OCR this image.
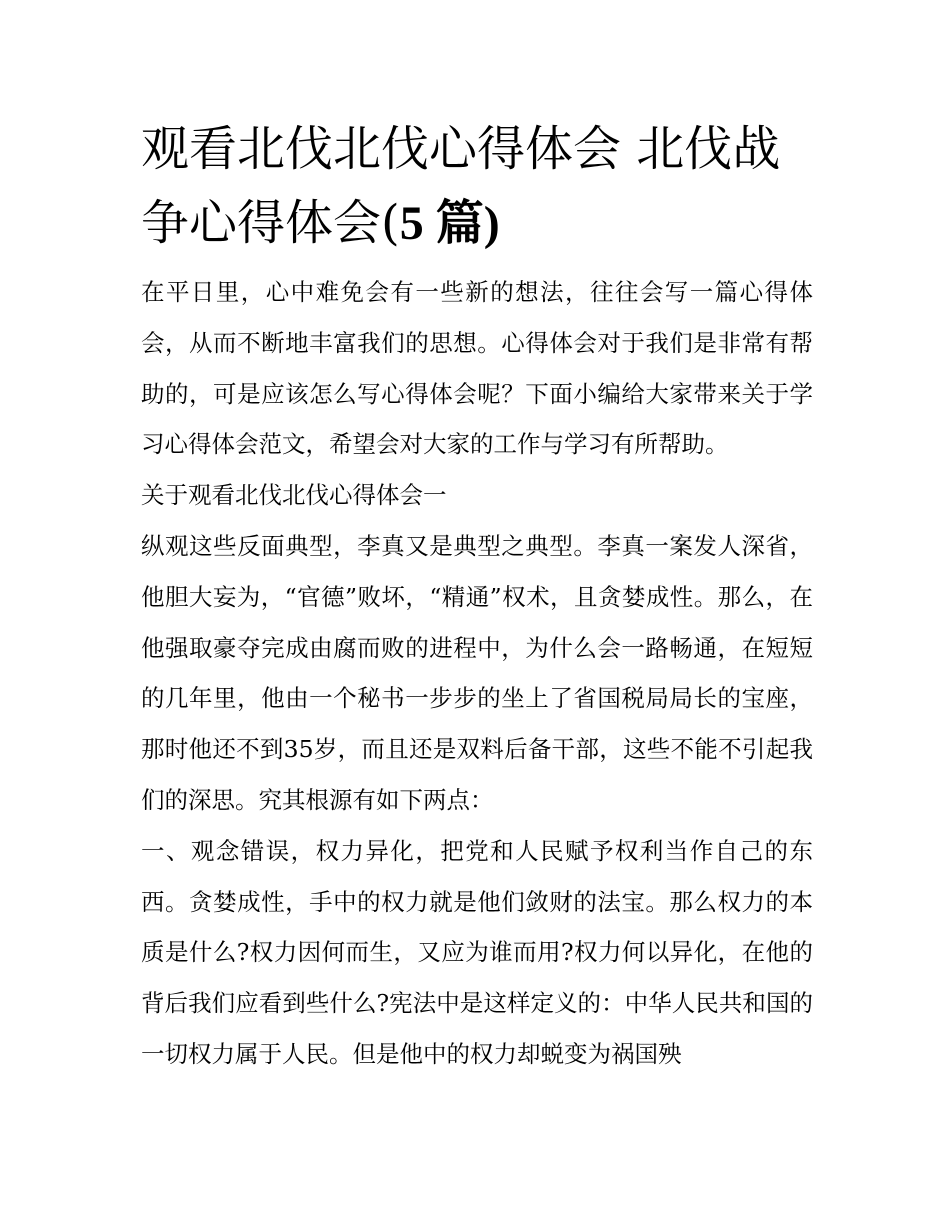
观看北伐北伐心得体会 北伐战争心得体会(5 篇)

在平日里，心中难免会有一些新的想法，往往会写一篇心得体会，从而不断地丰富我们的思想。心得体会对于我们是非常有帮助的，可是应该怎么写心得体会呢？下面小编给大家带来关于学习心得体会范文，希望会对大家的工作与学习有所帮助。

关于观看北伐北伐心得体会一

纵观这些反面典型，李真又是典型之典型。李真一案发人深省，他胆大妄为，“官德”败坏，“精通”权术，且贪婪成性。那么，在他强取豪夺完成由腐而败的进程中，为什么会一路畅通，在短短的几年里，他由一个秘书一步步的坐上了省国税局局长的宝座，那时他还不到35岁，而且还是双料后备干部，这些不能不引起我们的深思。究其根源有如下两点：

一、观念错误，权力异化，把党和人民赋予权利当作自己的东西。贪婪成性，手中的权力就是他们敛财的法宝。那么权力的本质是什么?权力因何而生，又应为谁而用?权力何以异化，在他的背后我们应看到些什么?宪法中是这样定义的：中华人民共和国的一切权力属于人民。但是他中的权力却蜕变为祸国殃
